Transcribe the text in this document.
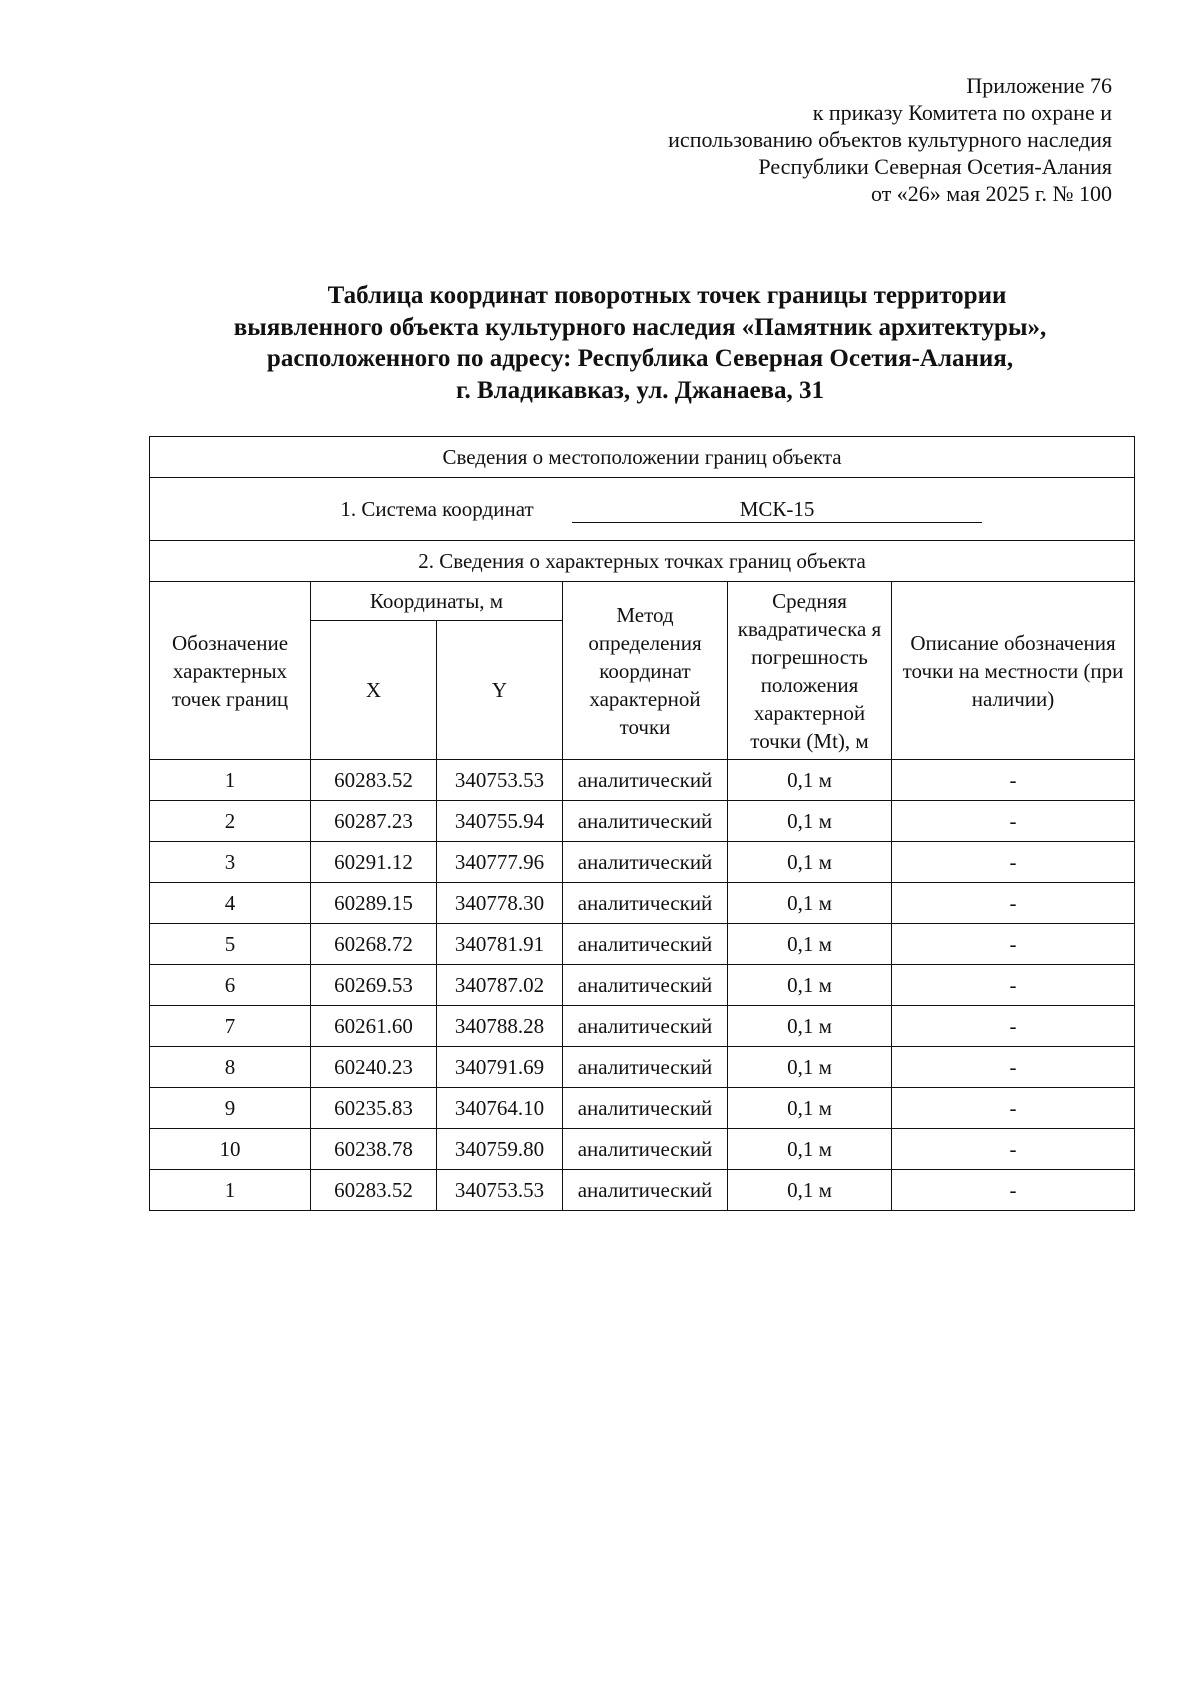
Приложение 76
к приказу Комитета по охране и
использованию объектов культурного наследия
Республики Северная Осетия-Алания
от «26» мая 2025 г. № 100
Таблица координат поворотных точек границы территории
выявленного объекта культурного наследия «Памятник архитектуры»,
расположенного по адресу: Республика Северная Осетия-Алания,
г. Владикавказ, ул. Джанаева, 31
Сведения о местоположении границ объекта					
1. Система координат МСК-15					
2. Сведения о характерных точках границ объекта					
Обозначение характерных точек границ	Координаты, м		Метод определения координат характерной точки	Средняя квадратическа я погрешность положения характерной точки (Mt), м	Описание обозначения точки на местности (при наличии)
	X	Y			
1	60283.52	340753.53	аналитический	0,1 м	-
2	60287.23	340755.94	аналитический	0,1 м	-
3	60291.12	340777.96	аналитический	0,1 м	-
4	60289.15	340778.30	аналитический	0,1 м	-
5	60268.72	340781.91	аналитический	0,1 м	-
6	60269.53	340787.02	аналитический	0,1 м	-
7	60261.60	340788.28	аналитический	0,1 м	-
8	60240.23	340791.69	аналитический	0,1 м	-
9	60235.83	340764.10	аналитический	0,1 м	-
10	60238.78	340759.80	аналитический	0,1 м	-
1	60283.52	340753.53	аналитический	0,1 м	-
